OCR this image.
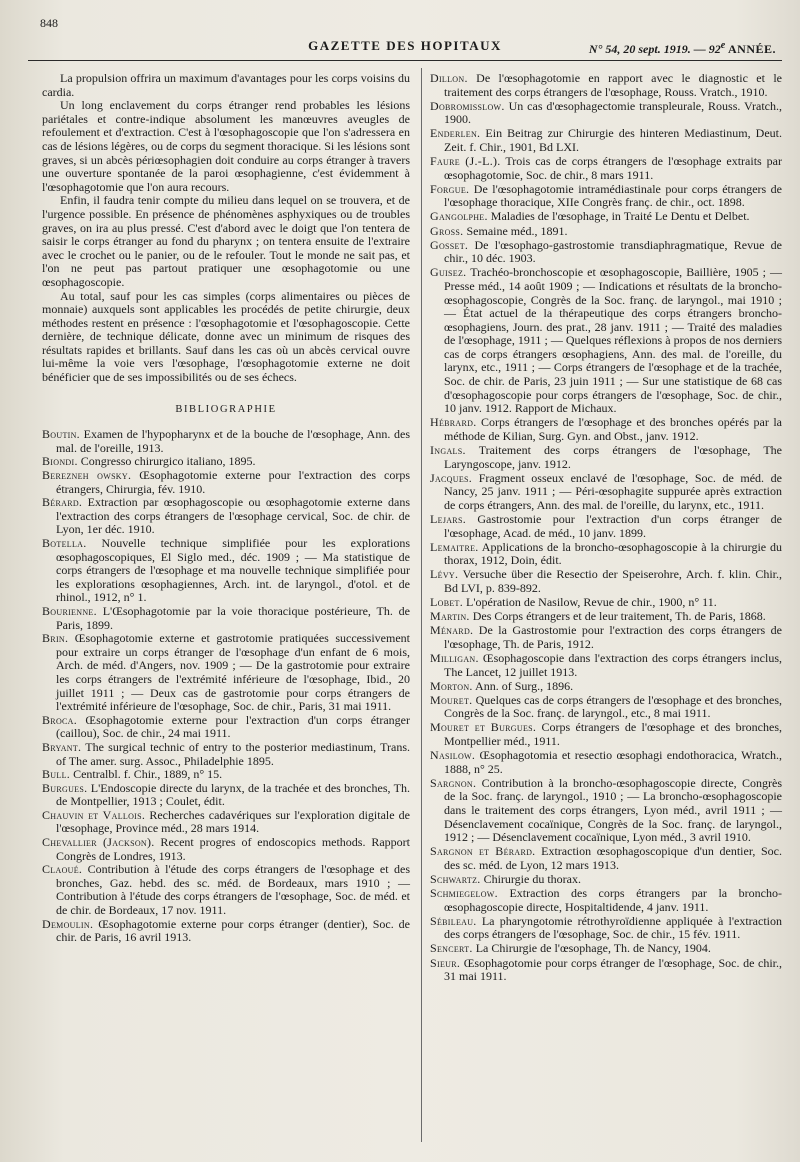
848
GAZETTE DES HOPITAUX	N° 54, 20 sept. 1919. — 92e ANNÉE.

La propulsion offrira un maximum d'avantages pour les corps voisins du cardia.

Un long enclavement du corps étranger rend probables les lésions pariétales et contre-indique absolument les manœuvres aveugles de refoulement et d'extraction. C'est à l'œsophagoscopie que l'on s'adressera en cas de lésions légères, ou de corps du segment thoracique. Si les lésions sont graves, si un abcès périœsophagien doit conduire au corps étranger à travers une ouverture spontanée de la paroi œsophagienne, c'est évidemment à l'œsophagotomie que l'on aura recours.

Enfin, il faudra tenir compte du milieu dans lequel on se trouvera, et de l'urgence possible. En présence de phénomènes asphyxiques ou de troubles graves, on ira au plus pressé. C'est d'abord avec le doigt que l'on tentera de saisir le corps étranger au fond du pharynx ; on tentera ensuite de l'extraire avec le crochet ou le panier, ou de le refouler. Tout le monde ne sait pas, et l'on ne peut pas partout pratiquer une œsophagotomie ou une œsophagoscopie.

Au total, sauf pour les cas simples (corps alimentaires ou pièces de monnaie) auxquels sont applicables les procédés de petite chirurgie, deux méthodes restent en présence : l'œsophagotomie et l'œsophagoscopie. Cette dernière, de technique délicate, donne avec un minimum de risques des résultats rapides et brillants. Sauf dans les cas où un abcès cervical ouvre lui-même la voie vers l'œsophage, l'œsophagotomie externe ne doit bénéficier que de ses impossibilités ou de ses échecs.

BIBLIOGRAPHIE

Boutin. Examen de l'hypopharynx et de la bouche de l'œsophage, Ann. des mal. de l'oreille, 1913.

Biondi. Congresso chirurgico italiano, 1895.

Berezneh owsky. Œsophagotomie externe pour l'extraction des corps étrangers, Chirurgia, fév. 1910.

Bérard. Extraction par œsophagoscopie ou œsophagotomie externe dans l'extraction des corps étrangers de l'œsophage cervical, Soc. de chir. de Lyon, 1er déc. 1910.

Botella. Nouvelle technique simplifiée pour les explorations œsophagoscopiques, El Siglo med., déc. 1909 ; — Ma statistique de corps étrangers de l'œsophage et ma nouvelle technique simplifiée pour les explorations œsophagiennes, Arch. int. de laryngol., d'otol. et de rhinol., 1912, n° 1.

Bourienne. L'Œsophagotomie par la voie thoracique postérieure, Th. de Paris, 1899.

Brin. Œsophagotomie externe et gastrotomie pratiquées successivement pour extraire un corps étranger de l'œsophage d'un enfant de 6 mois, Arch. de méd. d'Angers, nov. 1909 ; — De la gastrotomie pour extraire les corps étrangers de l'extrémité inférieure de l'œsophage, Ibid., 20 juillet 1911 ; — Deux cas de gastrotomie pour corps étrangers de l'extrémité inférieure de l'œsophage, Soc. de chir., Paris, 31 mai 1911.

Broca. Œsophagotomie externe pour l'extraction d'un corps étranger (caillou), Soc. de chir., 24 mai 1911.

Bryant. The surgical technic of entry to the posterior mediastinum, Trans. of The amer. surg. Assoc., Philadelphie 1895.

Bull. Centralbl. f. Chir., 1889, n° 15.

Burgues. L'Endoscopie directe du larynx, de la trachée et des bronches, Th. de Montpellier, 1913 ; Coulet, édit.

Chauvin et Vallois. Recherches cadavériques sur l'exploration digitale de l'œsophage, Province méd., 28 mars 1914.

Chevallier (Jackson). Recent progres of endoscopics methods. Rapport Congrès de Londres, 1913.

Claoué. Contribution à l'étude des corps étrangers de l'œsophage et des bronches, Gaz. hebd. des sc. méd. de Bordeaux, mars 1910 ; — Contribution à l'étude des corps étrangers de l'œsophage, Soc. de méd. et de chir. de Bordeaux, 17 nov. 1911.

Demoulin. Œsophagotomie externe pour corps étranger (dentier), Soc. de chir. de Paris, 16 avril 1913.

Dillon. De l'œsophagotomie en rapport avec le diagnostic et le traitement des corps étrangers de l'œsophage, Rouss. Vratch., 1910.

Dobromisslow. Un cas d'œsophagectomie transpleurale, Rouss. Vratch., 1900.

Enderlen. Ein Beitrag zur Chirurgie des hinteren Mediastinum, Deut. Zeit. f. Chir., 1901, Bd LXI.

Faure (J.-L.). Trois cas de corps étrangers de l'œsophage extraits par œsophagotomie, Soc. de chir., 8 mars 1911.

Forgue. De l'œsophagotomie intramédiastinale pour corps étrangers de l'œsophage thoracique, XIIe Congrès franç. de chir., oct. 1898.

Gangolphe. Maladies de l'œsophage, in Traité Le Dentu et Delbet.

Gross. Semaine méd., 1891.

Gosset. De l'œsophago-gastrostomie transdiaphragmatique, Revue de chir., 10 déc. 1903.

Guisez. Trachéo-bronchoscopie et œsophagoscopie, Baillière, 1905 ; — Presse méd., 14 août 1909 ; — Indications et résultats de la broncho-œsophagoscopie, Congrès de la Soc. franç. de laryngol., mai 1910 ; — État actuel de la thérapeutique des corps étrangers broncho-œsophagiens, Journ. des prat., 28 janv. 1911 ; — Traité des maladies de l'œsophage, 1911 ; — Quelques réflexions à propos de nos derniers cas de corps étrangers œsophagiens, Ann. des mal. de l'oreille, du larynx, etc., 1911 ; — Corps étrangers de l'œsophage et de la trachée, Soc. de chir. de Paris, 23 juin 1911 ; — Sur une statistique de 68 cas d'œsophagoscopie pour corps étrangers de l'œsophage, Soc. de chir., 10 janv. 1912. Rapport de Michaux.

Hébrard. Corps étrangers de l'œsophage et des bronches opérés par la méthode de Kilian, Surg. Gyn. and Obst., janv. 1912.

Ingals. Traitement des corps étrangers de l'œsophage, The Laryngoscope, janv. 1912.

Jacques. Fragment osseux enclavé de l'œsophage, Soc. de méd. de Nancy, 25 janv. 1911 ; — Péri-œsophagite suppurée après extraction de corps étrangers, Ann. des mal. de l'oreille, du larynx, etc., 1911.

Lejars. Gastrostomie pour l'extraction d'un corps étranger de l'œsophage, Acad. de méd., 10 janv. 1899.

Lemaitre. Applications de la broncho-œsophagoscopie à la chirurgie du thorax, 1912, Doin, édit.

Lévy. Versuche über die Resectio der Speiserohre, Arch. f. klin. Chir., Bd LVI, p. 839-892.

Lobet. L'opération de Nasilow, Revue de chir., 1900, n° 11.

Martin. Des Corps étrangers et de leur traitement, Th. de Paris, 1868.

Ménard. De la Gastrostomie pour l'extraction des corps étrangers de l'œsophage, Th. de Paris, 1912.

Milligan. Œsophagoscopie dans l'extraction des corps étrangers inclus, The Lancet, 12 juillet 1913.

Morton. Ann. of Surg., 1896.

Mouret. Quelques cas de corps étrangers de l'œsophage et des bronches, Congrès de la Soc. franç. de laryngol., etc., 8 mai 1911.

Mouret et Burgues. Corps étrangers de l'œsophage et des bronches, Montpellier méd., 1911.

Nasilow. Œsophagotomia et resectio œsophagi endothoracica, Wratch., 1888, n° 25.

Sargnon. Contribution à la broncho-œsophagoscopie directe, Congrès de la Soc. franç. de laryngol., 1910 ; — La broncho-œsophagoscopie dans le traitement des corps étrangers, Lyon méd., avril 1911 ; — Désenclavement cocaïnique, Congrès de la Soc. franç. de laryngol., 1912 ; — Désenclavement cocaïnique, Lyon méd., 3 avril 1910.

Sargnon et Bérard. Extraction œsophagoscopique d'un dentier, Soc. des sc. méd. de Lyon, 12 mars 1913.

Schwartz. Chirurgie du thorax.

Schmiegelow. Extraction des corps étrangers par la broncho-œsophagoscopie directe, Hospitaltidende, 4 janv. 1911.

Sébileau. La pharyngotomie rétrothyroïdienne appliquée à l'extraction des corps étrangers de l'œsophage, Soc. de chir., 15 fév. 1911.

Sencert. La Chirurgie de l'œsophage, Th. de Nancy, 1904.

Sieur. Œsophagotomie pour corps étranger de l'œsophage, Soc. de chir., 31 mai 1911.
